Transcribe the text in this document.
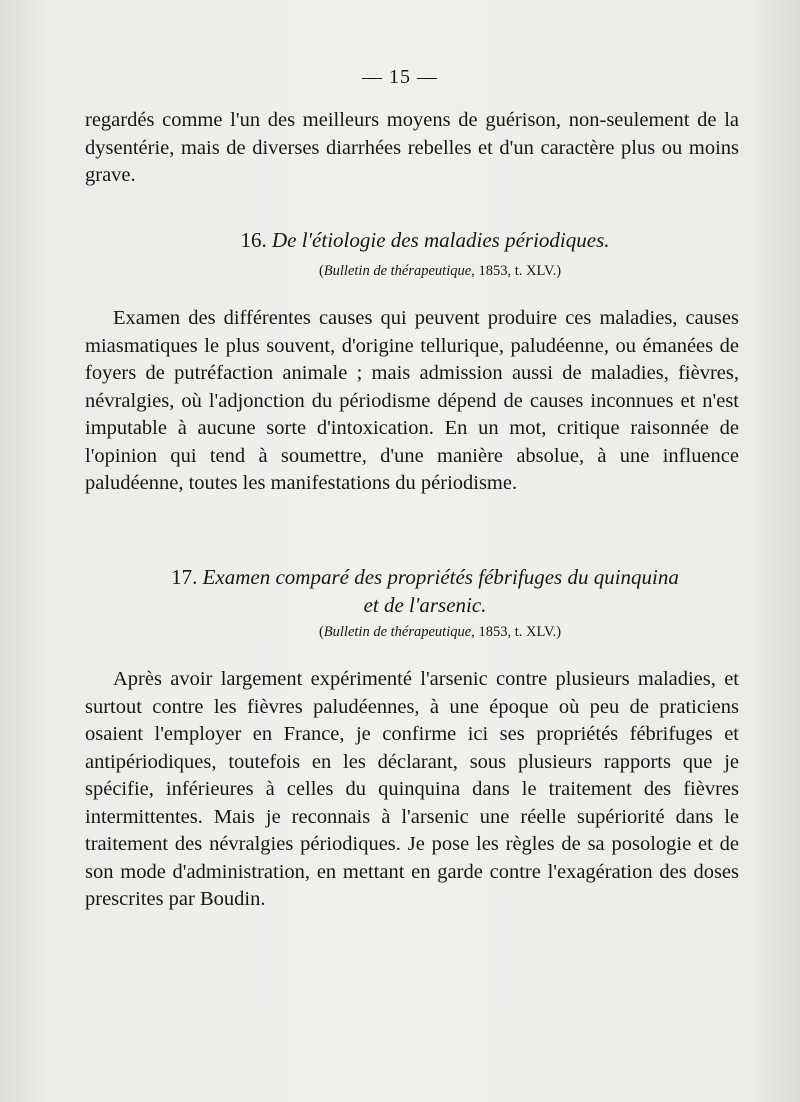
— 15 —
regardés comme l'un des meilleurs moyens de guérison, non-seulement de la dysentérie, mais de diverses diarrhées rebelles et d'un caractère plus ou moins grave.
16. De l'étiologie des maladies périodiques.
(Bulletin de thérapeutique, 1853, t. XLV.)
Examen des différentes causes qui peuvent produire ces maladies, causes miasmatiques le plus souvent, d'origine tellurique, paludéenne, ou émanées de foyers de putréfaction animale ; mais admission aussi de maladies, fièvres, névralgies, où l'adjonction du périodisme dépend de causes inconnues et n'est imputable à aucune sorte d'intoxication. En un mot, critique raisonnée de l'opinion qui tend à soumettre, d'une manière absolue, à une influence paludéenne, toutes les manifestations du périodisme.
17. Examen comparé des propriétés fébrifuges du quinquina
et de l'arsenic.
(Bulletin de thérapeutique, 1853, t. XLV.)
Après avoir largement expérimenté l'arsenic contre plusieurs maladies, et surtout contre les fièvres paludéennes, à une époque où peu de praticiens osaient l'employer en France, je confirme ici ses propriétés fébrifuges et antipériodiques, toutefois en les déclarant, sous plusieurs rapports que je spécifie, inférieures à celles du quinquina dans le traitement des fièvres intermittentes. Mais je reconnais à l'arsenic une réelle supériorité dans le traitement des névralgies périodiques. Je pose les règles de sa posologie et de son mode d'administration, en mettant en garde contre l'exagération des doses prescrites par Boudin.
